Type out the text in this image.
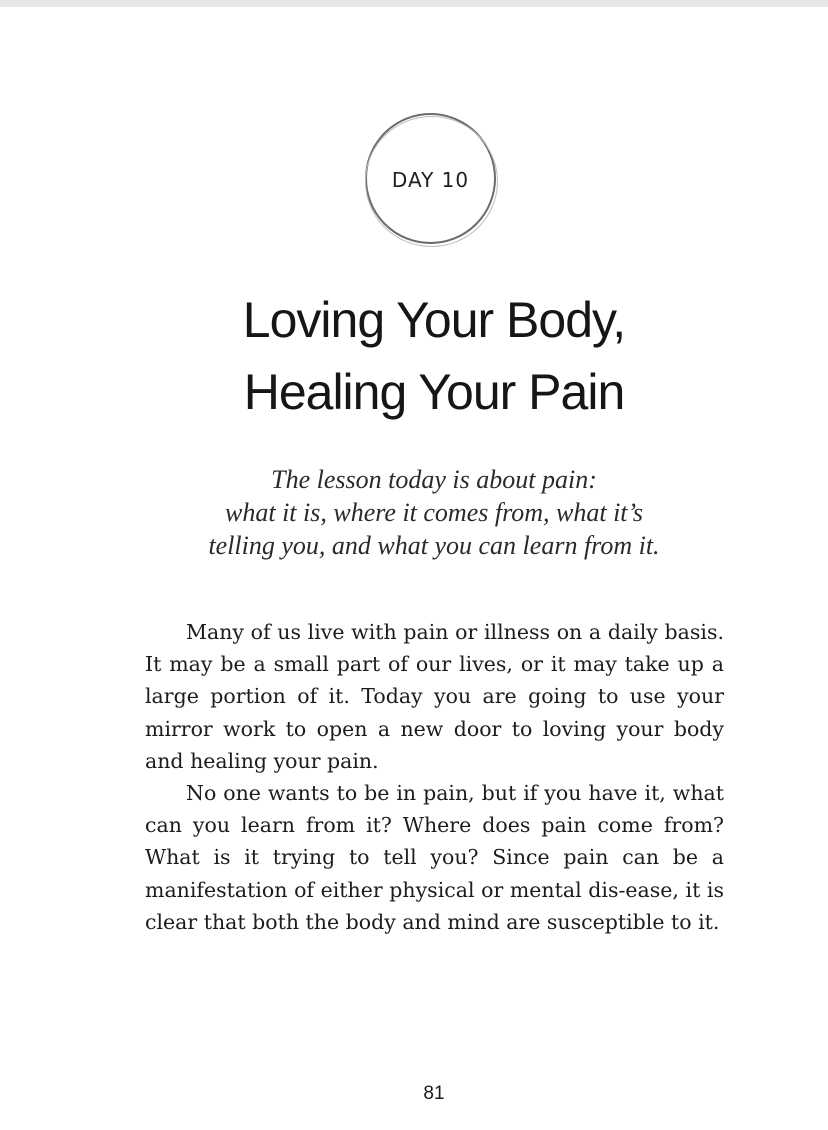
DAY 10
Loving Your Body,
Healing Your Pain
The lesson today is about pain:
what it is, where it comes from, what it’s
telling you, and what you can learn from it.

Many of us live with pain or illness on a daily basis. It may be a small part of our lives, or it may take up a large portion of it. Today you are going to use your mirror work to open a new door to loving your body and healing your pain.

No one wants to be in pain, but if you have it, what can you learn from it? Where does pain come from? What is it trying to tell you? Since pain can be a manifestation of either physical or mental dis-ease, it is clear that both the body and mind are susceptible to it.

81
